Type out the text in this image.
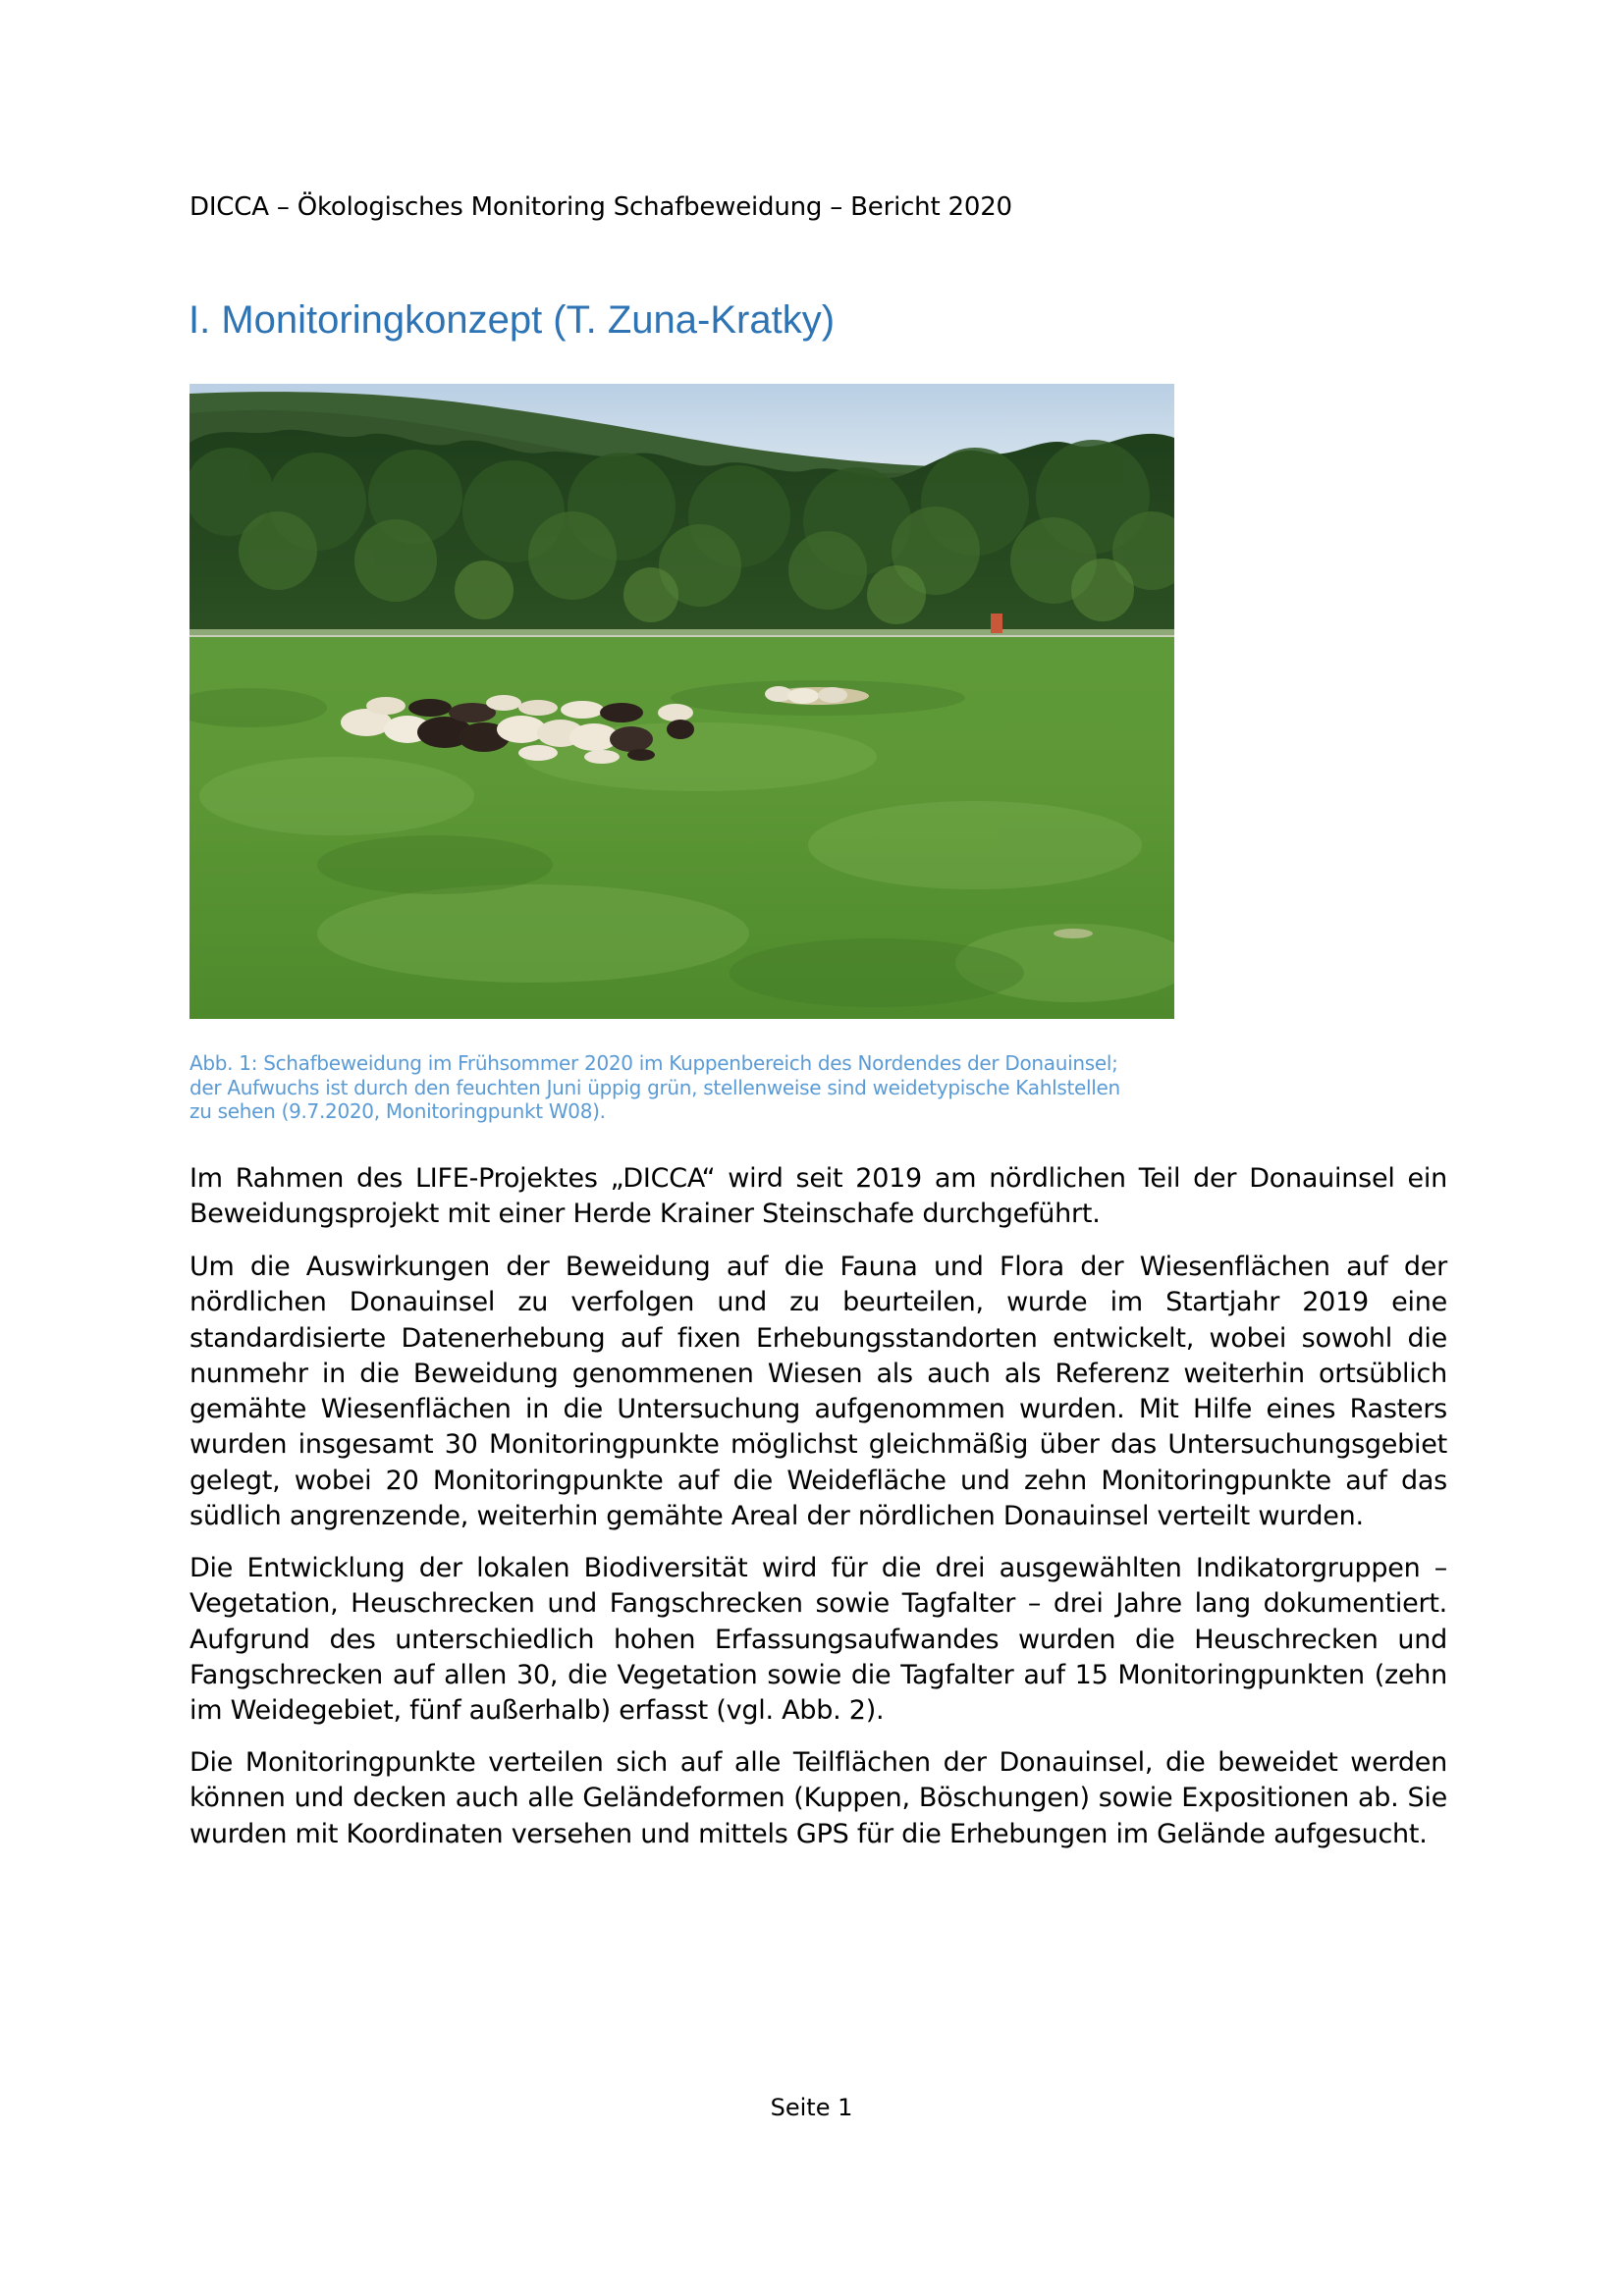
DICCA – Ökologisches Monitoring Schafbeweidung – Bericht 2020
I. Monitoringkonzept (T. Zuna-Kratky)
Abb. 1: Schafbeweidung im Frühsommer 2020 im Kuppenbereich des Nordendes der Donauinsel;
der Aufwuchs ist durch den feuchten Juni üppig grün, stellenweise sind weidetypische Kahlstellen
zu sehen (9.7.2020, Monitoringpunkt W08).

Im Rahmen des LIFE-Projektes „DICCA“ wird seit 2019 am nördlichen Teil der Donauinsel ein Beweidungsprojekt mit einer Herde Krainer Steinschafe durchgeführt.

Um die Auswirkungen der Beweidung auf die Fauna und Flora der Wiesenflächen auf der nördlichen Donauinsel zu verfolgen und zu beurteilen, wurde im Startjahr 2019 eine standardisierte Datenerhebung auf fixen Erhebungsstandorten entwickelt, wobei sowohl die nunmehr in die Beweidung genommenen Wiesen als auch als Referenz weiterhin ortsüblich gemähte Wiesenflächen in die Untersuchung aufgenommen wurden. Mit Hilfe eines Rasters wurden insgesamt 30 Monitoringpunkte möglichst gleichmäßig über das Untersuchungsgebiet gelegt, wobei 20 Monitoringpunkte auf die Weidefläche und zehn Monitoringpunkte auf das südlich angrenzende, weiterhin gemähte Areal der nördlichen Donauinsel verteilt wurden.

Die Entwicklung der lokalen Biodiversität wird für die drei ausgewählten Indikatorgruppen – Vegetation, Heuschrecken und Fangschrecken sowie Tagfalter – drei Jahre lang dokumentiert. Aufgrund des unterschiedlich hohen Erfassungsaufwandes wurden die Heuschrecken und Fangschrecken auf allen 30, die Vegetation sowie die Tagfalter auf 15 Monitoringpunkten (zehn im Weidegebiet, fünf außerhalb) erfasst (vgl. Abb. 2).

Die Monitoringpunkte verteilen sich auf alle Teilflächen der Donauinsel, die beweidet werden können und decken auch alle Geländeformen (Kuppen, Böschungen) sowie Expositionen ab. Sie wurden mit Koordinaten versehen und mittels GPS für die Erhebungen im Gelände aufgesucht.

Seite 1
